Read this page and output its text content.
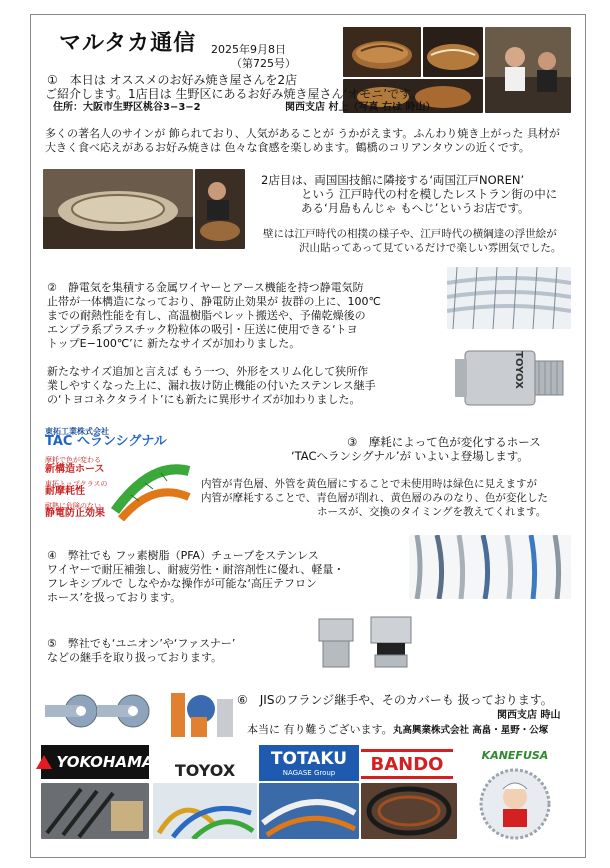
マルタカ通信 2025年9月8日
（第725号）
①　本日は オススメのお好み焼き屋さんを2店
ご紹介します。1店目は 生野区にあるお好み焼き屋さん‘オモニ’です。
住所：大阪市生野区桃谷3−3−2	関西支店 村上（写真 右は 時山）
多くの著名人のサインが 飾られており、人気があることが うかがえます。ふんわり焼き上がった 具材が
大きく食べ応えがあるお好み焼きは 色々な食感を楽しめます。鶴橋のコリアンタウンの近くです。
2店目は、両国国技館に隣接する‘両国江戸NOREN’
という 江戸時代の村を模したレストラン街の中に
ある‘月島もんじゃ もへじ’というお店です。
壁には江戸時代の相撲の様子や、江戸時代の横綱達の浮世絵が
沢山貼ってあって見ているだけで楽しい雰囲気でした。
②　静電気を集積する金属ワイヤーとアース機能を持つ静電気防
止帯が一体構造になっており、静電防止効果が 抜群の上に、100℃
までの耐熱性能を有し、高温樹脂ペレット搬送や、予備乾燥後の
エンプラ系プラスチック粉粒体の吸引・圧送に使用できる‘トヨ
トップE−100℃’に 新たなサイズが加わりました。
新たなサイズ追加と言えば もう一つ、外形をスリム化して狭所作
業しやすくなった上に、漏れ抜け防止機能の付いたステンレス継手
の‘トヨコネクタライト’にも新たに異形サイズが加わりました。
TOYOX
東拓工業株式会社
TAC へランシグナル
摩耗で色が変わる
新構造ホース
東拓トップクラスの
耐摩耗性
耐熱に危険のない
静電防止効果
③　摩耗によって色が変化するホース
‘TACへランシグナル’が いよいよ登場します。
内管が青色層、外管を黄色層にすることで未使用時は緑色に見えますが
内管が摩耗することで、青色層が削れ、黄色層のみのなり、色が変化した
ホースが、交換のタイミングを教えてくれます。
④　弊社でも フッ素樹脂（PFA）チューブをステンレス
ワイヤーで耐圧補強し、耐疲労性・耐溶剤性に優れ、軽量・
フレキシブルで しなやかな操作が可能な‘高圧テフロン
ホース’を扱っております。
⑤　弊社でも‘ユニオン’や‘ファスナー’
などの継手を取り扱っております。
⑥　JISのフランジ継手や、そのカバーも 扱っております。
関西支店 時山
本当に 有り難うございます。 丸高興業株式会社 高畠・星野・公塚
YOKOHAMA TOYOX
TOTAKU
NAGASE Group BANDO	KANEFUSA
